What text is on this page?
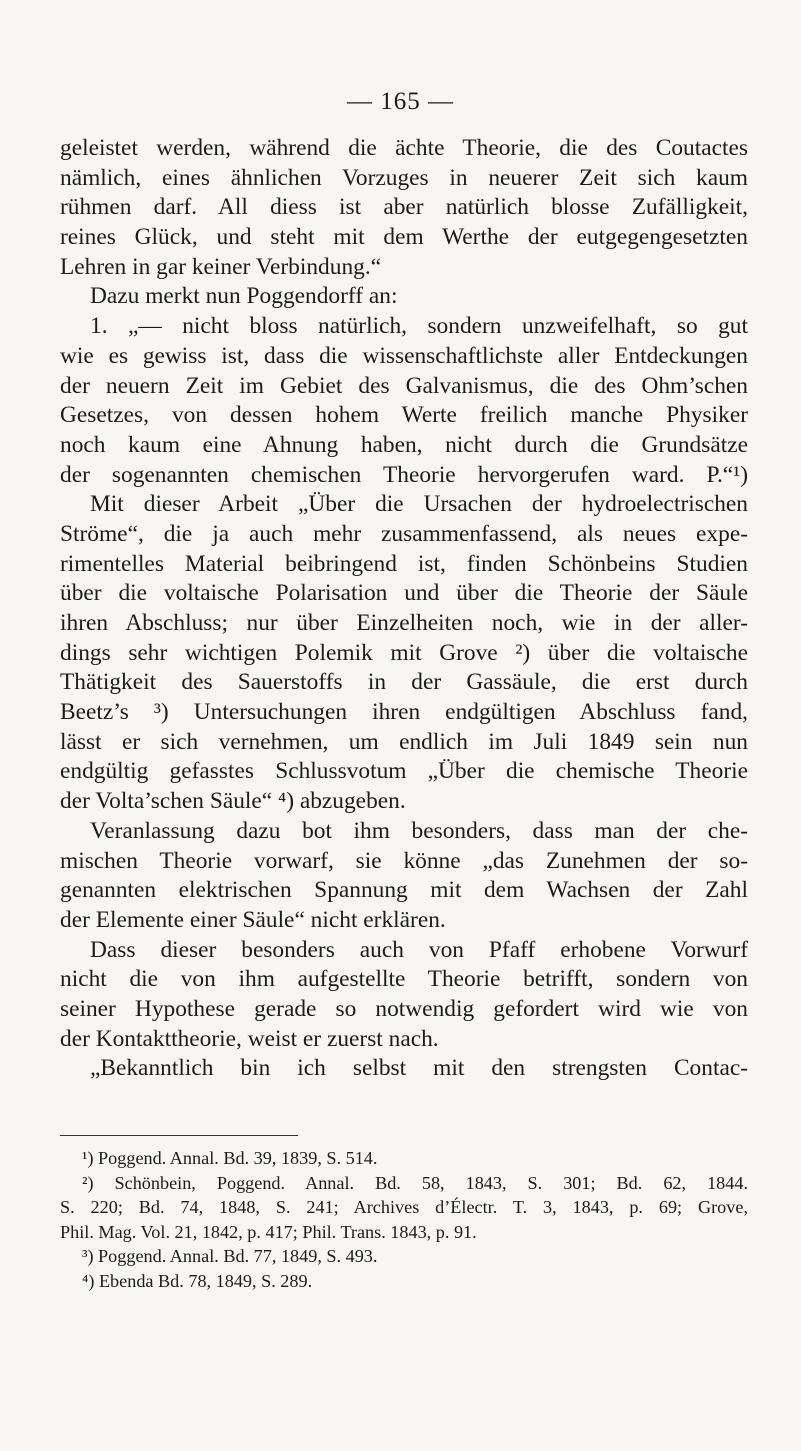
— 165 —
geleistet werden, während die ächte Theorie, die des Coutactes
nämlich, eines ähnlichen Vorzuges in neuerer Zeit sich kaum
rühmen darf. All diess ist aber natürlich blosse Zufälligkeit,
reines Glück, und steht mit dem Werthe der eutgegengesetzten
Lehren in gar keiner Verbindung.“
Dazu merkt nun Poggendorff an:
1. „— nicht bloss natürlich, sondern unzweifelhaft, so gut
wie es gewiss ist, dass die wissenschaftlichste aller Entdeckungen
der neuern Zeit im Gebiet des Galvanismus, die des Ohm’schen
Gesetzes, von dessen hohem Werte freilich manche Physiker
noch kaum eine Ahnung haben, nicht durch die Grundsätze
der sogenannten chemischen Theorie hervorgerufen ward. P.“¹)
Mit dieser Arbeit „Über die Ursachen der hydroelectrischen
Ströme“, die ja auch mehr zusammenfassend, als neues expe-
rimentelles Material beibringend ist, finden Schönbeins Studien
über die voltaische Polarisation und über die Theorie der Säule
ihren Abschluss; nur über Einzelheiten noch, wie in der aller-
dings sehr wichtigen Polemik mit Grove ²) über die voltaische
Thätigkeit des Sauerstoffs in der Gassäule, die erst durch
Beetz’s ³) Untersuchungen ihren endgültigen Abschluss fand,
lässt er sich vernehmen, um endlich im Juli 1849 sein nun
endgültig gefasstes Schlussvotum „Über die chemische Theorie
der Volta’schen Säule“ ⁴) abzugeben.
Veranlassung dazu bot ihm besonders, dass man der che-
mischen Theorie vorwarf, sie könne „das Zunehmen der so-
genannten elektrischen Spannung mit dem Wachsen der Zahl
der Elemente einer Säule“ nicht erklären.
Dass dieser besonders auch von Pfaff erhobene Vorwurf
nicht die von ihm aufgestellte Theorie betrifft, sondern von
seiner Hypothese gerade so notwendig gefordert wird wie von
der Kontakttheorie, weist er zuerst nach.
„Bekanntlich bin ich selbst mit den strengsten Contac-
¹) Poggend. Annal. Bd. 39, 1839, S. 514.
²) Schönbein, Poggend. Annal. Bd. 58, 1843, S. 301; Bd. 62, 1844.
S. 220; Bd. 74, 1848, S. 241; Archives d’Électr. T. 3, 1843, p. 69; Grove,
Phil. Mag. Vol. 21, 1842, p. 417; Phil. Trans. 1843, p. 91.
³) Poggend. Annal. Bd. 77, 1849, S. 493.
⁴) Ebenda Bd. 78, 1849, S. 289.
